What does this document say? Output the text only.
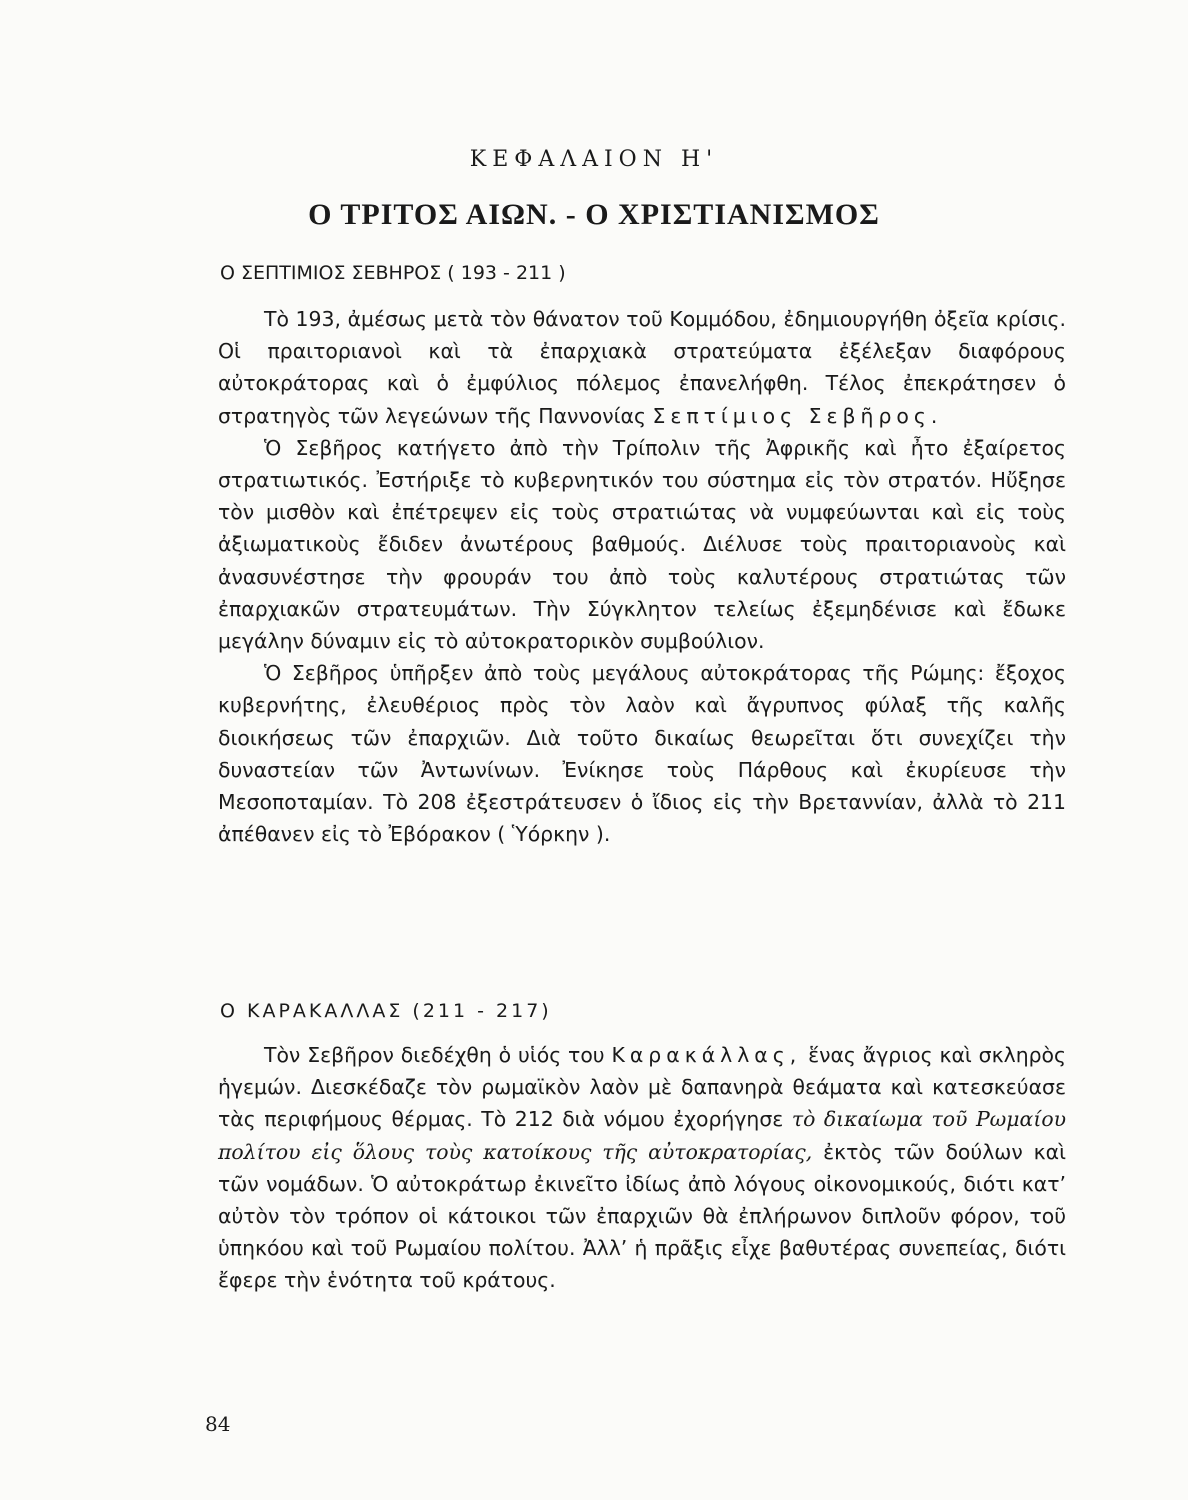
ΚΕΦΑΛΑΙΟΝ Η'
Ο ΤΡΙΤΟΣ ΑΙΩΝ. - Ο ΧΡΙΣΤΙΑΝΙΣΜΟΣ
Ο ΣΕΠΤΙΜΙΟΣ ΣΕΒΗΡΟΣ ( 193 - 211 )

Τὸ 193, ἀμέσως μετὰ τὸν θάνατον τοῦ Κομμόδου, ἐδημιουργήθη ὀξεῖα κρίσις. Οἱ πραιτοριανοὶ καὶ τὰ ἐπαρχιακὰ στρατεύματα ἐξέλεξαν διαφόρους αὐτοκράτορας καὶ ὁ ἐμφύλιος πόλεμος ἐπανελήφθη. Τέλος ἐπεκράτησεν ὁ στρατηγὸς τῶν λεγεώνων τῆς Παννονίας Σεπτίμιος Σεβῆρος.

Ὁ Σεβῆρος κατήγετο ἀπὸ τὴν Τρίπολιν τῆς Ἀφρικῆς καὶ ἦτο ἐξαίρετος στρατιωτικός. Ἐστήριξε τὸ κυβερνητικόν του σύστημα εἰς τὸν στρατόν. Ηὔξησε τὸν μισθὸν καὶ ἐπέτρεψεν εἰς τοὺς στρατιώτας νὰ νυμφεύωνται καὶ εἰς τοὺς ἀξιωματικοὺς ἔδιδεν ἀνωτέρους βαθμούς. Διέλυσε τοὺς πραιτοριανοὺς καὶ ἀνασυνέστησε τὴν φρουράν του ἀπὸ τοὺς καλυτέρους στρατιώτας τῶν ἐπαρχιακῶν στρατευμάτων. Τὴν Σύγκλητον τελείως ἐξεμηδένισε καὶ ἔδωκε μεγάλην δύναμιν εἰς τὸ αὐτοκρατορικὸν συμβούλιον.

Ὁ Σεβῆρος ὑπῆρξεν ἀπὸ τοὺς μεγάλους αὐτοκράτορας τῆς Ρώμης: ἔξοχος κυβερνήτης, ἐλευθέριος πρὸς τὸν λαὸν καὶ ἄγρυπνος φύλαξ τῆς καλῆς διοικήσεως τῶν ἐπαρχιῶν. Διὰ τοῦτο δικαίως θεωρεῖται ὅτι συνεχίζει τὴν δυναστείαν τῶν Ἀντωνίνων. Ἐνίκησε τοὺς Πάρθους καὶ ἐκυρίευσε τὴν Μεσοποταμίαν. Τὸ 208 ἐξεστράτευσεν ὁ ἴδιος εἰς τὴν Βρεταννίαν, ἀλλὰ τὸ 211 ἀπέθανεν εἰς τὸ Ἐβόρακον ( Ὑόρκην ).

Ο ΚΑΡΑΚΑΛΛΑΣ (211 - 217)

Τὸν Σεβῆρον διεδέχθη ὁ υἱός του Καρακάλλας, ἕνας ἄγριος καὶ σκληρὸς ἡγεμών. Διεσκέδαζε τὸν ρωμαϊκὸν λαὸν μὲ δαπανηρὰ θεάματα καὶ κατεσκεύασε τὰς περιφήμους θέρμας. Τὸ 212 διὰ νόμου ἐχορήγησε τὸ δικαίωμα τοῦ Ρωμαίου πολίτου εἰς ὅλους τοὺς κατοίκους τῆς αὐτοκρατορίας, ἐκτὸς τῶν δούλων καὶ τῶν νομάδων. Ὁ αὐτοκράτωρ ἐκινεῖτο ἰδίως ἀπὸ λόγους οἰκονομικούς, διότι κατ’ αὐτὸν τὸν τρόπον οἱ κάτοικοι τῶν ἐπαρχιῶν θὰ ἐπλήρωνον διπλοῦν φόρον, τοῦ ὑπηκόου καὶ τοῦ Ρωμαίου πολίτου. Ἀλλ’ ἡ πρᾶξις εἶχε βαθυτέρας συνεπείας, διότι ἔφερε τὴν ἑνότητα τοῦ κράτους.

84
